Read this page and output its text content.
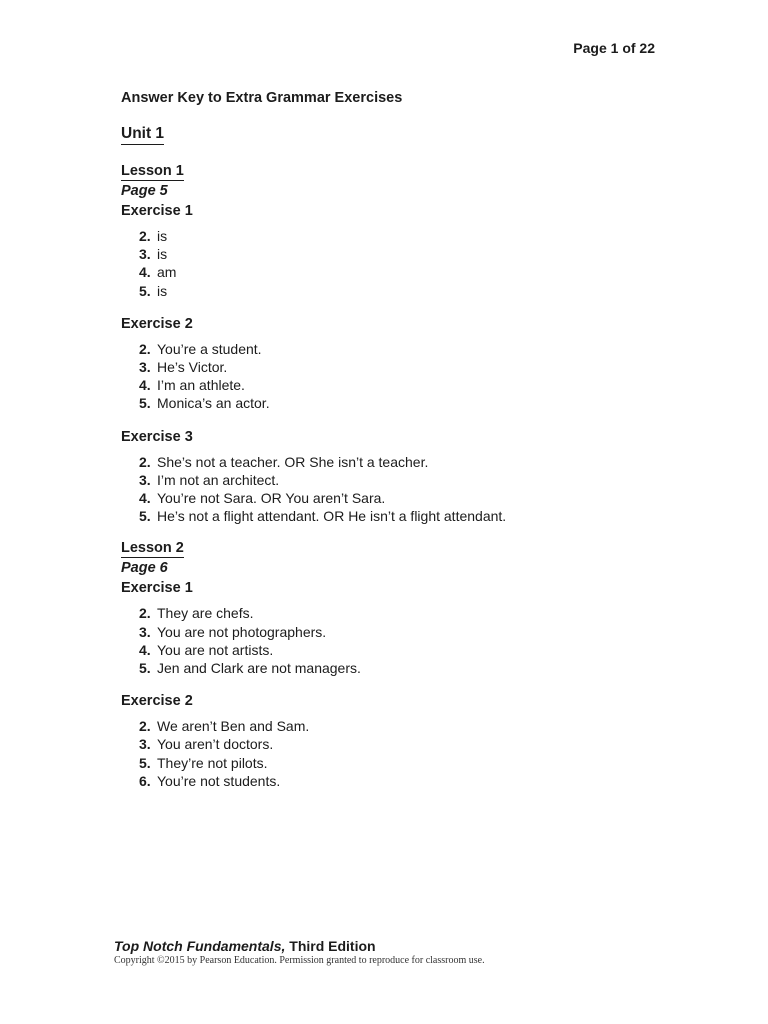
Page 1 of 22
Answer Key to Extra Grammar Exercises
Unit 1
Lesson 1
Page 5
Exercise 1
2. is
3. is
4. am
5. is
Exercise 2
2. You’re a student.
3. He’s Victor.
4. I’m an athlete.
5. Monica’s an actor.
Exercise 3
2. She’s not a teacher. OR She isn’t a teacher.
3. I’m not an architect.
4. You’re not Sara. OR You aren’t Sara.
5. He’s not a flight attendant. OR He isn’t a flight attendant.
Lesson 2
Page 6
Exercise 1
2. They are chefs.
3. You are not photographers.
4. You are not artists.
5. Jen and Clark are not managers.
Exercise 2
2. We aren’t Ben and Sam.
3. You aren’t doctors.
5. They’re not pilots.
6. You’re not students.
Top Notch Fundamentals, Third Edition
Copyright ©2015 by Pearson Education. Permission granted to reproduce for classroom use.
